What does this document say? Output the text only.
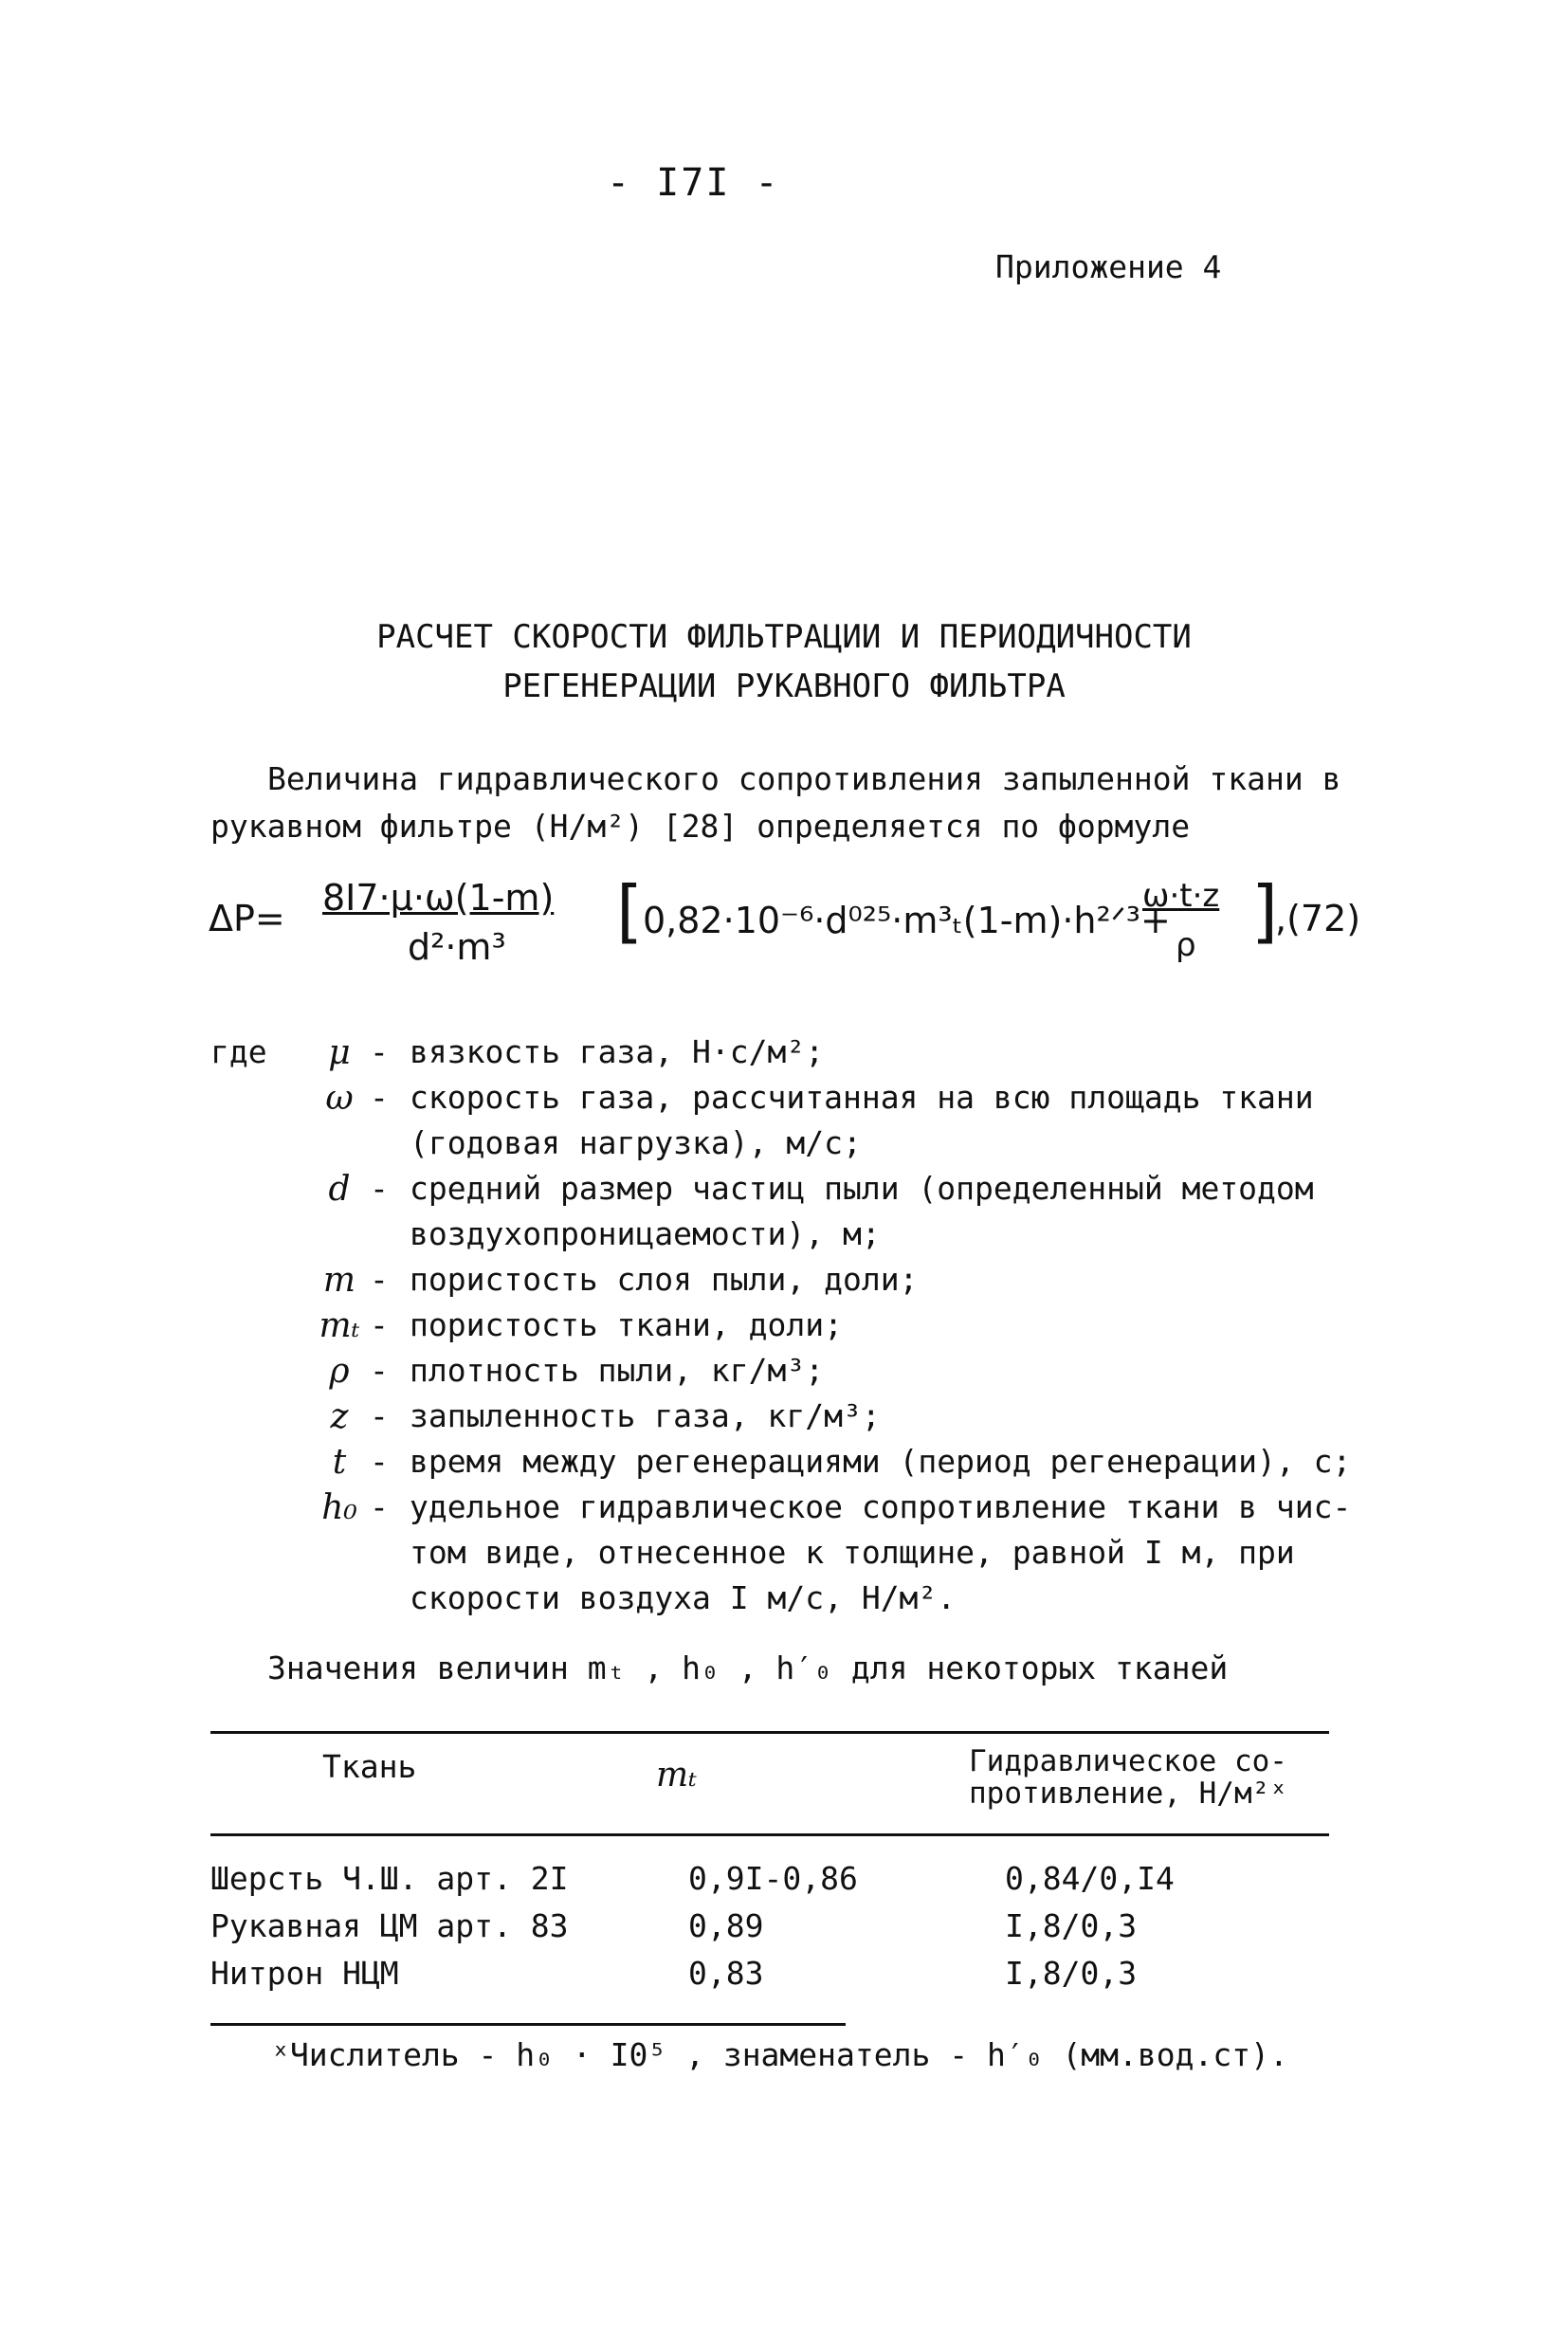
- I7I -
Приложение 4
РАСЧЕТ СКОРОСТИ ФИЛЬТРАЦИИ И ПЕРИОДИЧНОСТИ
РЕГЕНЕРАЦИИ РУКАВНОГО ФИЛЬТРА
Величина гидравлического сопротивления запыленной ткани в
рукавном фильтре (Н/м²) [28] определяется по формуле
ΔP= 8I7·μ·ω(1-m)
d²·m³ [ 0,82·10⁻⁶·d⁰²⁵·m³ₜ(1-m)·h²ᐟ³+
ω·t·z
ρ ]
,(72)
где	μ - вязкость газа, Н·с/м²;
ω - скорость газа, рассчитанная на всю площадь ткани
(годовая нагрузка), м/с;
d - средний размер частиц пыли (определенный методом
воздухопроницаемости), м;
m - пористость слоя пыли, доли;
mₜ - пористость ткани, доли;
ρ - плотность пыли, кг/м³;
z - запыленность газа, кг/м³;
t - время между регенерациями (период регенерации), с;
h₀ - удельное гидравлическое сопротивление ткани в чис-
том виде, отнесенное к толщине, равной I м, при
скорости воздуха I м/с, Н/м².
Значения величин mₜ , h₀ , h′₀ для некоторых тканей
Ткань	mₜ	Гидравлическое со-
противление, Н/м²ˣ
Шерсть Ч.Ш. арт. 2I	0,9I-0,86	0,84/0,I4
Рукавная ЦМ арт. 83	0,89	I,8/0,3
Нитрон НЦМ	0,83	I,8/0,3
ˣЧислитель - h₀ · I0⁵ , знаменатель - h′₀ (мм.вод.ст).
